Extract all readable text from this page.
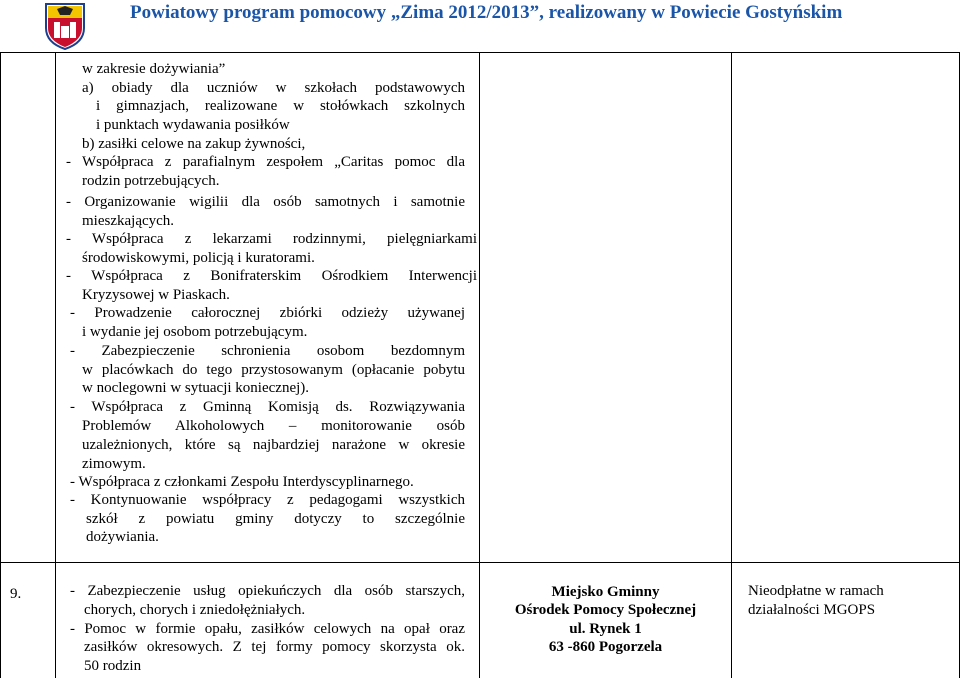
Powiatowy program pomocowy „Zima 2012/2013”, realizowany w Powiecie Gostyńskim
w zakresie dożywiania”
a) obiady dla uczniów w szkołach podstawowych
i gimnazjach, realizowane w stołówkach szkolnych
i punktach wydawania posiłków
b) zasiłki celowe na zakup żywności,
- Współpraca z parafialnym zespołem „Caritas pomoc dla
rodzin potrzebujących.
- Organizowanie wigilii dla osób samotnych i samotnie
mieszkających.
- Współpraca z lekarzami rodzinnymi, pielęgniarkami
środowiskowymi, policją i kuratorami.
- Współpraca z Bonifraterskim Ośrodkiem Interwencji
Kryzysowej w Piaskach.
- Prowadzenie całorocznej zbiórki odzieży używanej
i wydanie jej osobom potrzebującym.
- Zabezpieczenie schronienia osobom bezdomnym
w placówkach do tego przystosowanym (opłacanie pobytu
w noclegowni w sytuacji koniecznej).
- Współpraca z Gminną Komisją ds. Rozwiązywania
Problemów Alkoholowych – monitorowanie osób
uzależnionych, które są najbardziej narażone w okresie
zimowym.
- Współpraca z członkami Zespołu Interdyscyplinarnego.
- Kontynuowanie współpracy z pedagogami wszystkich
szkół z powiatu gminy dotyczy to szczególnie
dożywiania.
9.	- Zabezpieczenie usług opiekuńczych dla osób starszych,
chorych, chorych i zniedołężniałych.
- Pomoc w formie opału, zasiłków celowych na opał oraz
zasiłków okresowych. Z tej formy pomocy skorzysta ok.
50 rodzin
Miejsko Gminny
Ośrodek Pomocy Społecznej
ul. Rynek 1
63 -860 Pogorzela
Nieodpłatne w ramach
działalności MGOPS
